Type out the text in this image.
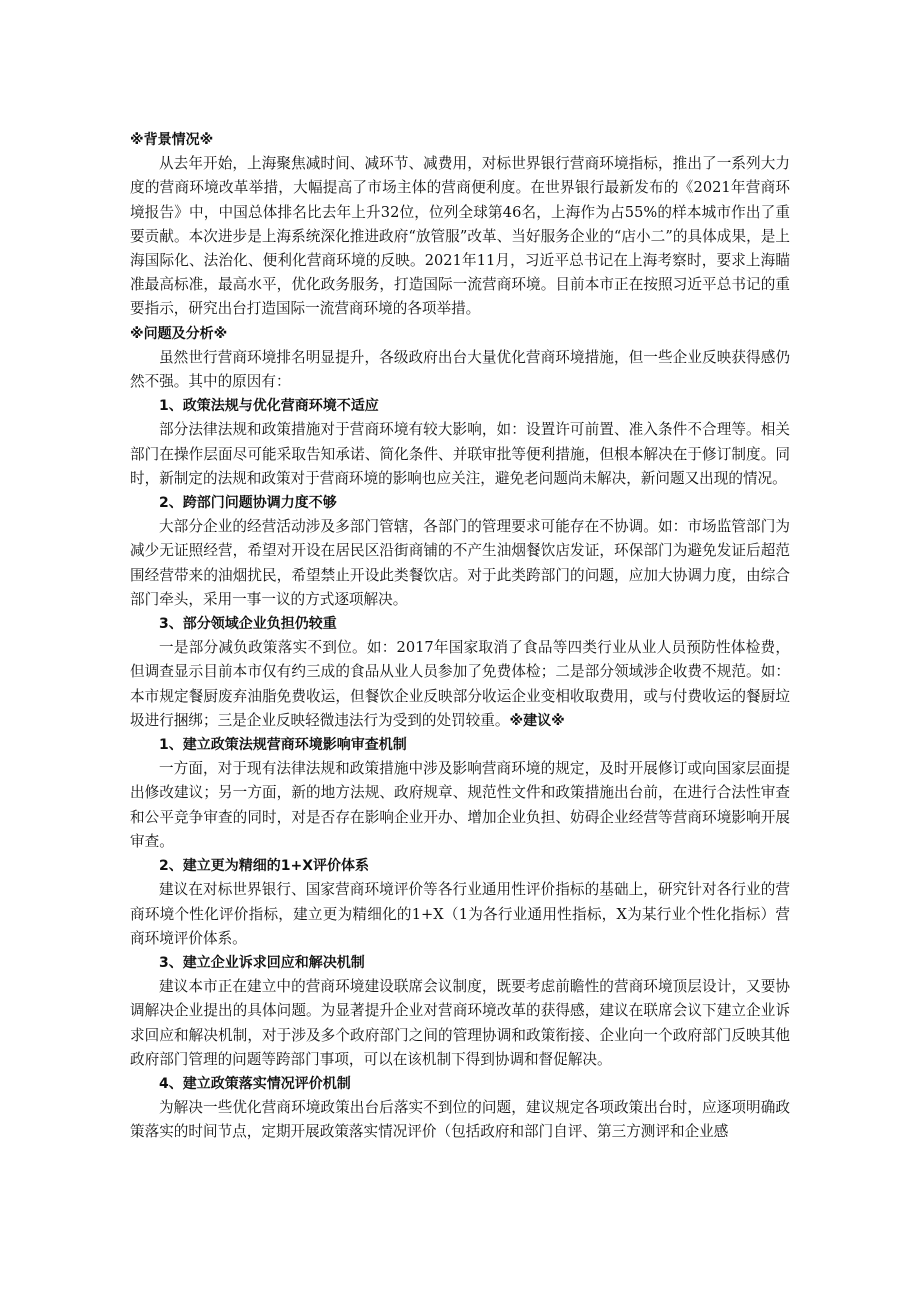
※背景情况※
从去年开始，上海聚焦减时间、减环节、减费用，对标世界银行营商环境指标，推出了一系列大力度的营商环境改革举措，大幅提高了市场主体的营商便利度。在世界银行最新发布的《2021年营商环境报告》中，中国总体排名比去年上升32位，位列全球第46名，上海作为占55%的样本城市作出了重要贡献。本次进步是上海系统深化推进政府“放管服”改革、当好服务企业的“店小二”的具体成果，是上海国际化、法治化、便利化营商环境的反映。2021年11月，习近平总书记在上海考察时，要求上海瞄准最高标准，最高水平，优化政务服务，打造国际一流营商环境。目前本市正在按照习近平总书记的重要指示，研究出台打造国际一流营商环境的各项举措。
※问题及分析※
虽然世行营商环境排名明显提升，各级政府出台大量优化营商环境措施，但一些企业反映获得感仍然不强。其中的原因有：
1、政策法规与优化营商环境不适应
部分法律法规和政策措施对于营商环境有较大影响，如：设置许可前置、准入条件不合理等。相关部门在操作层面尽可能采取告知承诺、简化条件、并联审批等便利措施，但根本解决在于修订制度。同时，新制定的法规和政策对于营商环境的影响也应关注，避免老问题尚未解决，新问题又出现的情况。
2、跨部门问题协调力度不够
大部分企业的经营活动涉及多部门管辖，各部门的管理要求可能存在不协调。如：市场监管部门为减少无证照经营，希望对开设在居民区沿街商铺的不产生油烟餐饮店发证，环保部门为避免发证后超范围经营带来的油烟扰民，希望禁止开设此类餐饮店。对于此类跨部门的问题，应加大协调力度，由综合部门牵头，采用一事一议的方式逐项解决。
3、部分领域企业负担仍较重
一是部分减负政策落实不到位。如：2017年国家取消了食品等四类行业从业人员预防性体检费，但调查显示目前本市仅有约三成的食品从业人员参加了免费体检；二是部分领域涉企收费不规范。如：本市规定餐厨废弃油脂免费收运，但餐饮企业反映部分收运企业变相收取费用，或与付费收运的餐厨垃圾进行捆绑；三是企业反映轻微违法行为受到的处罚较重。※建议※
1、建立政策法规营商环境影响审查机制
一方面，对于现有法律法规和政策措施中涉及影响营商环境的规定，及时开展修订或向国家层面提出修改建议；另一方面，新的地方法规、政府规章、规范性文件和政策措施出台前，在进行合法性审查和公平竞争审查的同时，对是否存在影响企业开办、增加企业负担、妨碍企业经营等营商环境影响开展审查。
2、建立更为精细的1+X评价体系
建议在对标世界银行、国家营商环境评价等各行业通用性评价指标的基础上，研究针对各行业的营商环境个性化评价指标，建立更为精细化的1+X（1为各行业通用性指标，X为某行业个性化指标）营商环境评价体系。
3、建立企业诉求回应和解决机制
建议本市正在建立中的营商环境建设联席会议制度，既要考虑前瞻性的营商环境顶层设计，又要协调解决企业提出的具体问题。为显著提升企业对营商环境改革的获得感，建议在联席会议下建立企业诉求回应和解决机制，对于涉及多个政府部门之间的管理协调和政策衔接、企业向一个政府部门反映其他政府部门管理的问题等跨部门事项，可以在该机制下得到协调和督促解决。
4、建立政策落实情况评价机制
为解决一些优化营商环境政策出台后落实不到位的问题，建议规定各项政策出台时，应逐项明确政策落实的时间节点，定期开展政策落实情况评价（包括政府和部门自评、第三方测评和企业感
